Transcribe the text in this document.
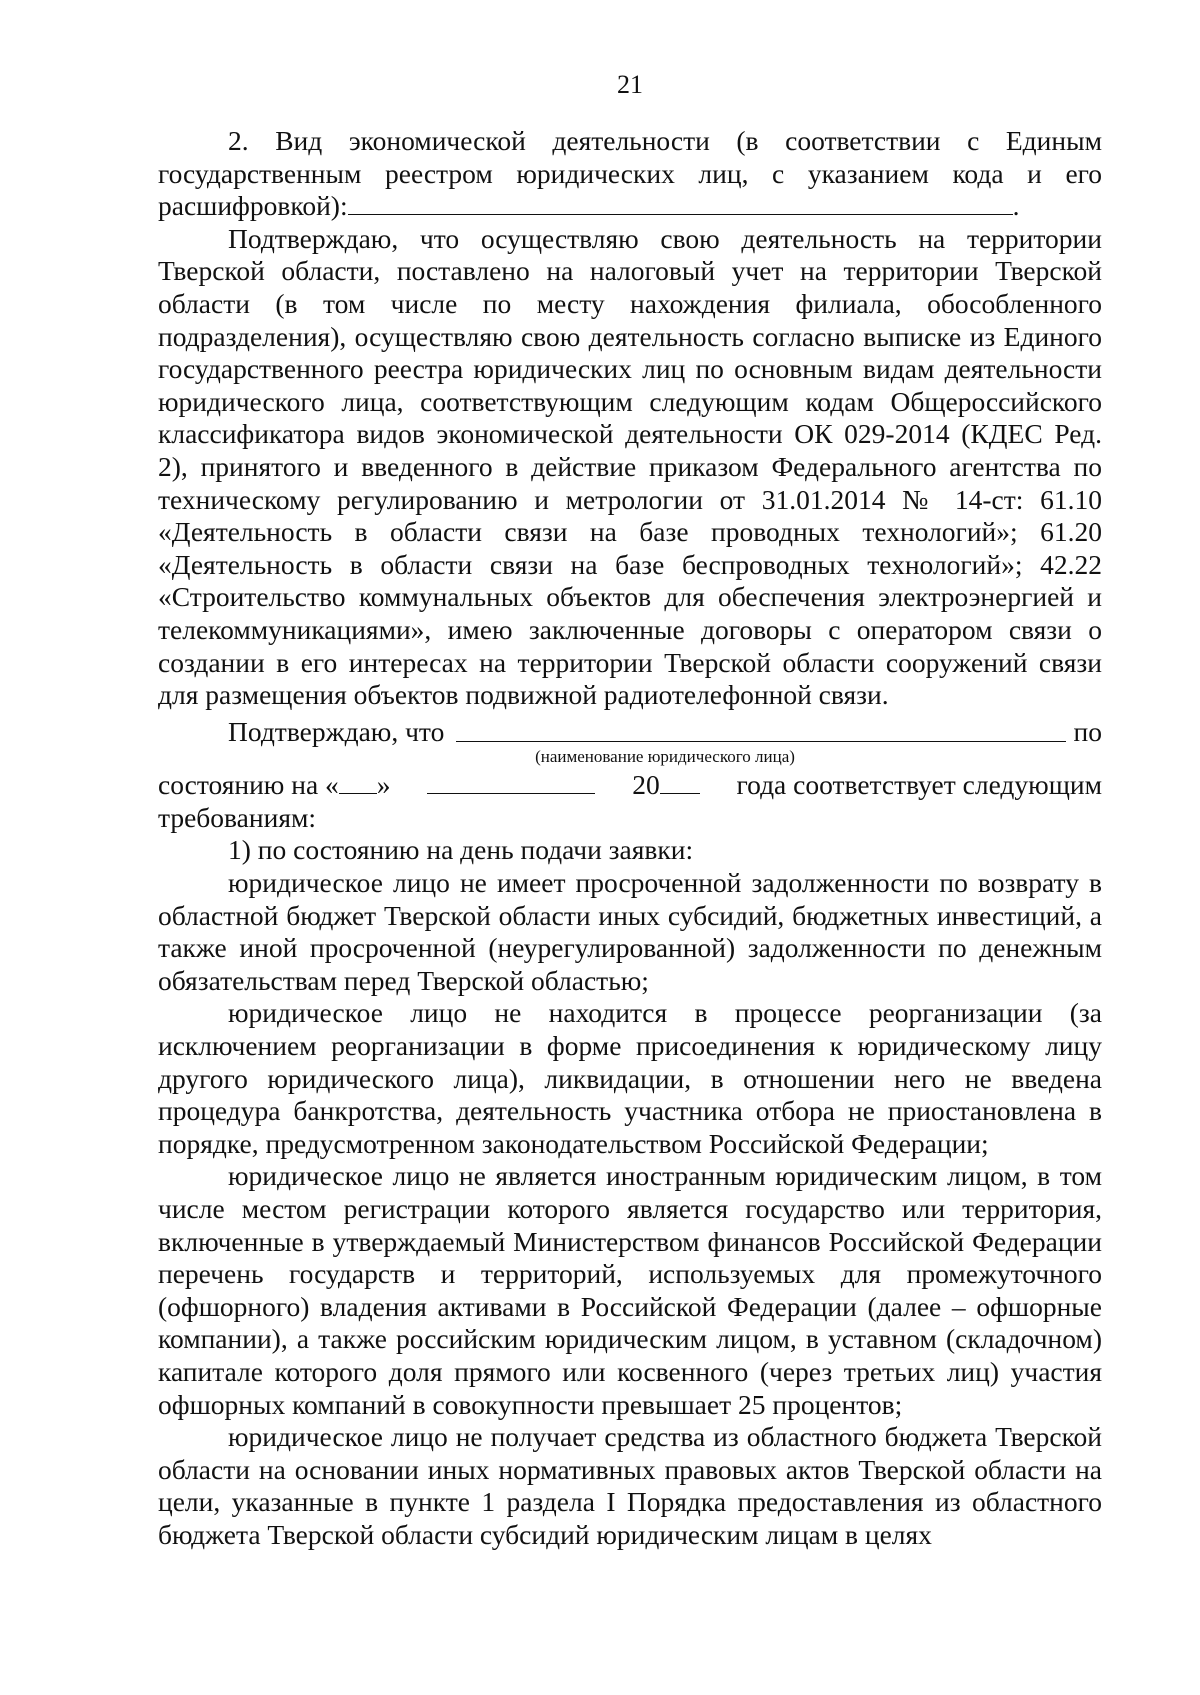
21

2. Вид экономической деятельности (в соответствии с Единым государственным реестром юридических лиц, с указанием кода и его расшифровкой):	.

Подтверждаю, что осуществляю свою деятельность на территории Тверской области, поставлено на налоговый учет на территории Тверской области (в том числе по месту нахождения филиала, обособленного подразделения), осуществляю свою деятельность согласно выписке из Единого государственного реестра юридических лиц по основным видам деятельности юридического лица, соответствующим следующим кодам Общероссийского классификатора видов экономической деятельности ОК 029-2014 (КДЕС Ред. 2), принятого и введенного в действие приказом Федерального агентства по техническому регулированию и метрологии от 31.01.2014 № 14-ст: 61.10 «Деятельность в области связи на базе проводных технологий»; 61.20 «Деятельность в области связи на базе беспроводных технологий»; 42.22 «Строительство коммунальных объектов для обеспечения электроэнергией и телекоммуникациями», имею заключенные договоры с оператором связи о создании в его интересах на территории Тверской области сооружений связи для размещения объектов подвижной радиотелефонной связи.

Подтверждаю, что	по
(наименование юридического лица)
состоянию на « »	20	года соответствует следующим

требованиям:

1) по состоянию на день подачи заявки:

юридическое лицо не имеет просроченной задолженности по возврату в областной бюджет Тверской области иных субсидий, бюджетных инвестиций, а также иной просроченной (неурегулированной) задолженности по денежным обязательствам перед Тверской областью;

юридическое лицо не находится в процессе реорганизации (за исключением реорганизации в форме присоединения к юридическому лицу другого юридического лица), ликвидации, в отношении него не введена процедура банкротства, деятельность участника отбора не приостановлена в порядке, предусмотренном законодательством Российской Федерации;

юридическое лицо не является иностранным юридическим лицом, в том числе местом регистрации которого является государство или территория, включенные в утверждаемый Министерством финансов Российской Федерации перечень государств и территорий, используемых для промежуточного (офшорного) владения активами в Российской Федерации (далее – офшорные компании), а также российским юридическим лицом, в уставном (складочном) капитале которого доля прямого или косвенного (через третьих лиц) участия офшорных компаний в совокупности превышает 25 процентов;

юридическое лицо не получает средства из областного бюджета Тверской области на основании иных нормативных правовых актов Тверской области на цели, указанные в пункте 1 раздела I Порядка предоставления из областного бюджета Тверской области субсидий юридическим лицам в целях
